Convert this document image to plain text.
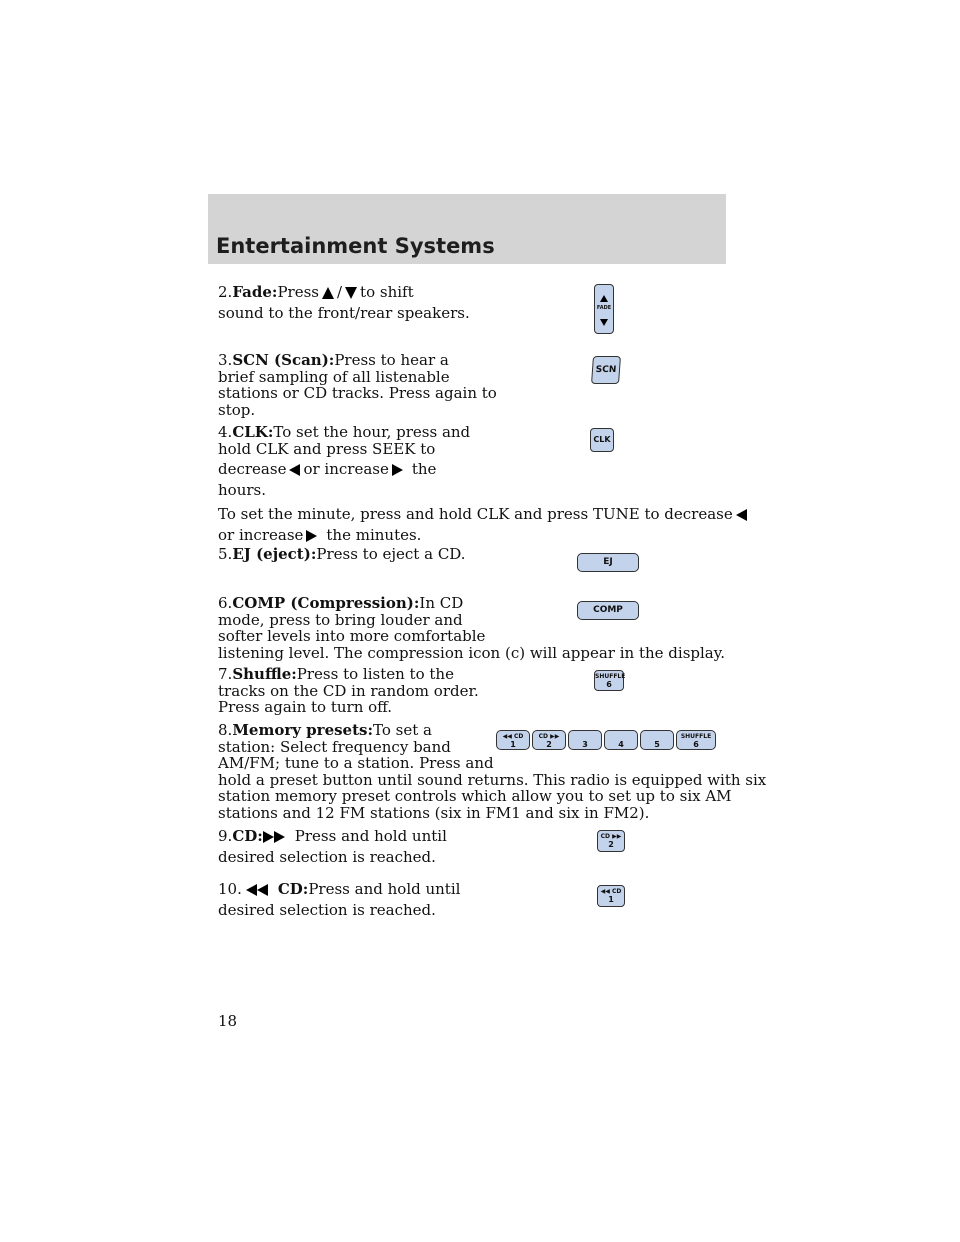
Entertainment Systems
2.Fade:Press / to shift
sound to the front/rear speakers.	FADE
3.SCN (Scan):Press to hear a
brief sampling of all listenable
stations or CD tracks. Press again to
stop.
SCN
4.CLK:To set the hour, press and
hold CLK and press SEEK to
decrease or increase the
hours.
CLK
To set the minute, press and hold CLK and press TUNE to decrease
or increase the minutes.
5.EJ (eject):Press to eject a CD.	EJ
6.COMP (Compression):In CD
mode, press to bring louder and
softer levels into more comfortable
listening level. The compression icon (c) will appear in the display.
COMP
7.Shuffle:Press to listen to the
tracks on the CD in random order.
Press again to turn off.
SHUFFLE
6
8.Memory presets:To set a
station: Select frequency band
AM/FM; tune to a station. Press and
hold a preset button until sound returns. This radio is equipped with six
station memory preset controls which allow you to set up to six AM
stations and 12 FM stations (six in FM1 and six in FM2).
◀◀ CD
1
CD ▶▶
2	3	4	5
SHUFFLE
6
9.CD: Press and hold until
desired selection is reached.
CD ▶▶
2
10. CD:Press and hold until
desired selection is reached.
◀◀ CD
1
18
